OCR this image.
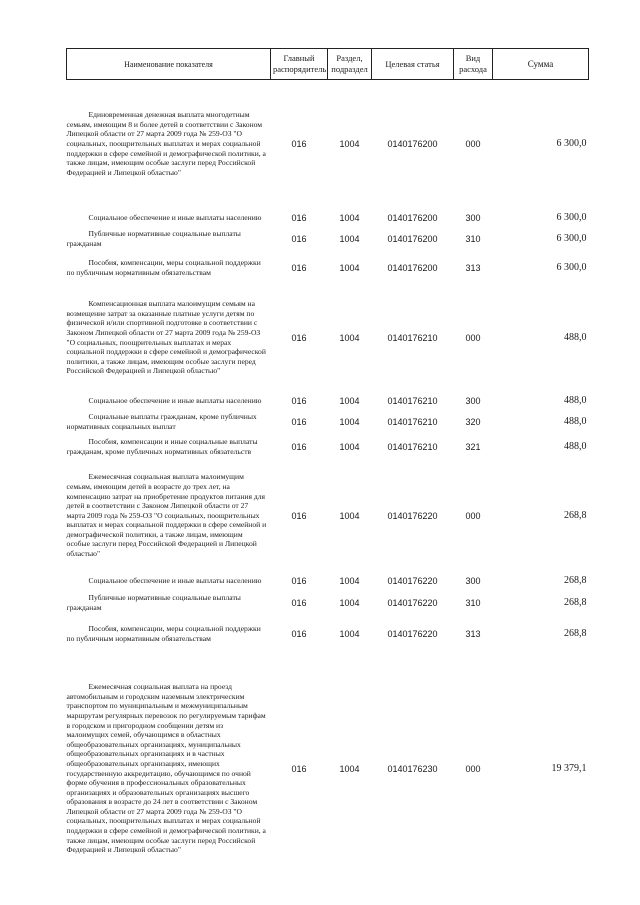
Наименование показателя	Главный распорядитель	Раздел, подраздел	Целевая статья	Вид расхода	Сумма
Единовременная денежная выплата многодетным семьям, имеющим 8 и более детей в соответствии с Законом Липецкой области от 27 марта 2009 года № 259-ОЗ "О социальных, поощрительных выплатах и мерах социальной поддержки в сфере семейной и демографической политики, а также лицам, имеющим особые заслуги перед Российской Федерацией и Липецкой областью"	016	1004	0140176200	000	6 300,0
Социальное обеспечение и иные выплаты населению	016	1004	0140176200	300	6 300,0
Публичные нормативные социальные выплаты гражданам	016	1004	0140176200	310	6 300,0
Пособия, компенсации, меры социальной поддержки по публичным нормативным обязательствам	016	1004	0140176200	313	6 300,0
Компенсационная выплата малоимущим семьям на возмещение затрат за оказанные платные услуги детям по физической и/или спортивной подготовке в соответствии с Законом Липецкой области от 27 марта 2009 года № 259-ОЗ "О социальных, поощрительных выплатах и мерах социальной поддержки в сфере семейной и демографической политики, а также лицам, имеющим особые заслуги перед Российской Федерацией и Липецкой областью"	016	1004	0140176210	000	488,0
Социальное обеспечение и иные выплаты населению	016	1004	0140176210	300	488,0
Социальные выплаты гражданам, кроме публичных нормативных социальных выплат	016	1004	0140176210	320	488,0
Пособия, компенсации и иные социальные выплаты гражданам, кроме публичных нормативных обязательств	016	1004	0140176210	321	488,0
Ежемесячная социальная выплата малоимущим семьям, имеющим детей в возрасте до трех лет, на компенсацию затрат на приобретение продуктов питания для детей в соответствии с Законом Липецкой области от 27 марта 2009 года № 259-ОЗ "О социальных, поощрительных выплатах и мерах социальной поддержки в сфере семейной и демографической политики, а также лицам, имеющим особые заслуги перед Российской Федерацией и Липецкой областью"	016	1004	0140176220	000	268,8
Социальное обеспечение и иные выплаты населению	016	1004	0140176220	300	268,8
Публичные нормативные социальные выплаты гражданам	016	1004	0140176220	310	268,8
Пособия, компенсации, меры социальной поддержки по публичным нормативным обязательствам	016	1004	0140176220	313	268,8
Ежемесячная социальная выплата на проезд автомобильным и городским наземным электрическим транспортом по муниципальным и межмуниципальным маршрутам регулярных перевозок по регулируемым тарифам в городском и пригородном сообщении детям из малоимущих семей, обучающимся в областных общеобразовательных организациях, муниципальных общеобразовательных организациях и в частных общеобразовательных организациях, имеющих государственную аккредитацию, обучающимся по очной форме обучения в профессиональных образовательных организациях и образовательных организациях высшего образования в возрасте до 24 лет в соответствии с Законом Липецкой области от 27 марта 2009 года № 259-ОЗ "О социальных, поощрительных выплатах и мерах социальной поддержки в сфере семейной и демографической политики, а также лицам, имеющим особые заслуги перед Российской Федерацией и Липецкой областью"	016	1004	0140176230	000	19 379,1
